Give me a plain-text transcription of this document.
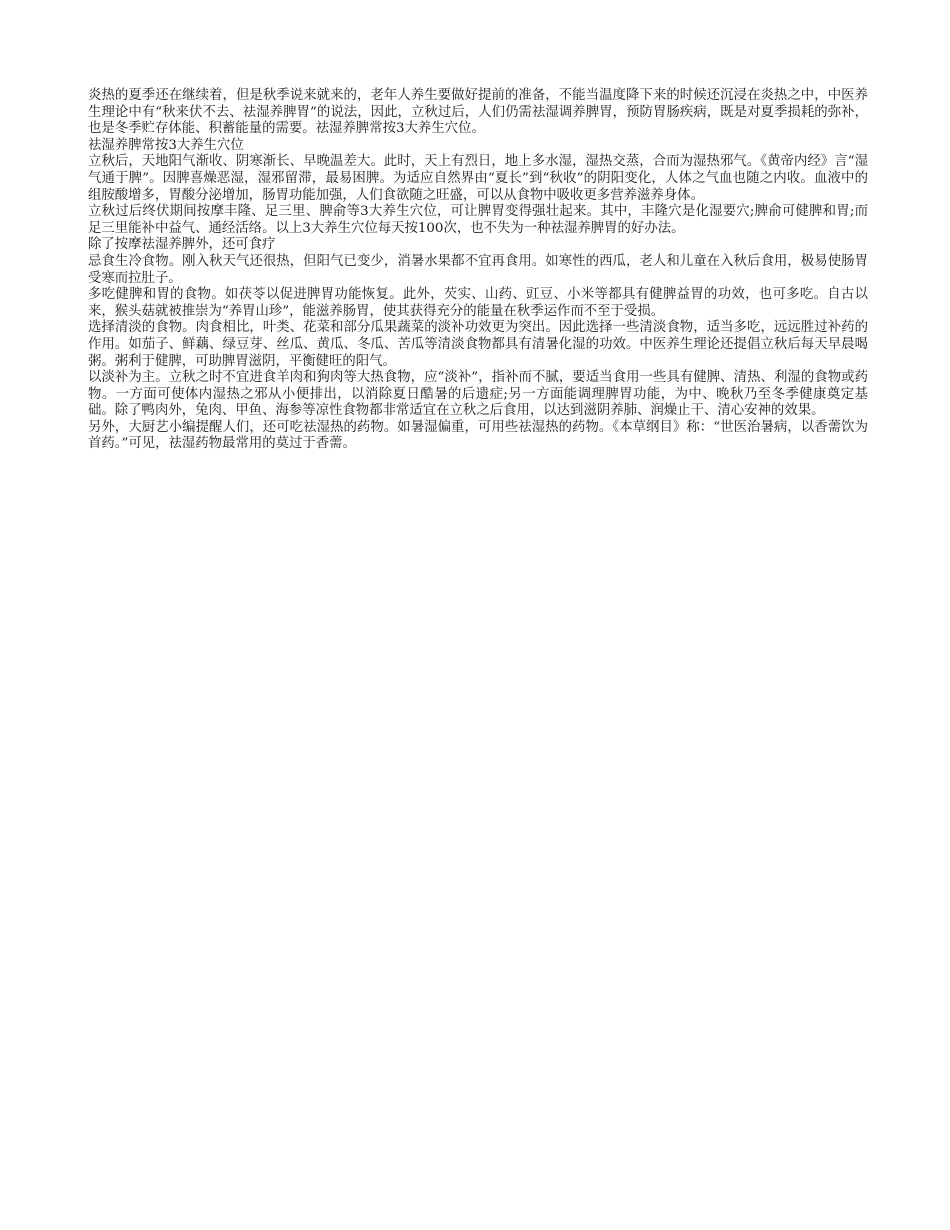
炎热的夏季还在继续着，但是秋季说来就来的，老年人养生要做好提前的准备，不能当温度降下来的时候还沉浸在炎热之中，中医养生理论中有“秋来伏不去、祛湿养脾胃”的说法，因此，立秋过后，人们仍需祛湿调养脾胃，预防胃肠疾病，既是对夏季损耗的弥补，也是冬季贮存体能、积蓄能量的需要。祛湿养脾常按3大养生穴位。

祛湿养脾常按3大养生穴位

立秋后，天地阳气渐收、阴寒渐长、早晚温差大。此时，天上有烈日，地上多水湿，湿热交蒸，合而为湿热邪气。《黄帝内经》言“湿气通于脾”。因脾喜燥恶湿，湿邪留滞，最易困脾。为适应自然界由“夏长”到“秋收”的阴阳变化，人体之气血也随之内收。血液中的组胺酸增多，胃酸分泌增加，肠胃功能加强，人们食欲随之旺盛，可以从食物中吸收更多营养滋养身体。

立秋过后终伏期间按摩丰隆、足三里、脾俞等3大养生穴位，可让脾胃变得强壮起来。其中，丰隆穴是化湿要穴;脾俞可健脾和胃;而足三里能补中益气、通经活络。以上3大养生穴位每天按100次，也不失为一种祛湿养脾胃的好办法。

除了按摩祛湿养脾外，还可食疗

忌食生冷食物。刚入秋天气还很热，但阳气已变少，消暑水果都不宜再食用。如寒性的西瓜，老人和儿童在入秋后食用，极易使肠胃受寒而拉肚子。

多吃健脾和胃的食物。如茯苓以促进脾胃功能恢复。此外，芡实、山药、豇豆、小米等都具有健脾益胃的功效，也可多吃。自古以来，猴头菇就被推崇为“养胃山珍”，能滋养肠胃，使其获得充分的能量在秋季运作而不至于受损。

选择清淡的食物。肉食相比，叶类、花菜和部分瓜果蔬菜的淡补功效更为突出。因此选择一些清淡食物，适当多吃，远远胜过补药的作用。如茄子、鲜藕、绿豆芽、丝瓜、黄瓜、冬瓜、苦瓜等清淡食物都具有清暑化湿的功效。中医养生理论还提倡立秋后每天早晨喝粥。粥利于健脾，可助脾胃滋阴，平衡健旺的阳气。

以淡补为主。立秋之时不宜进食羊肉和狗肉等大热食物，应“淡补”，指补而不腻，要适当食用一些具有健脾、清热、利湿的食物或药物。一方面可使体内湿热之邪从小便排出，以消除夏日酷暑的后遗症;另一方面能调理脾胃功能，为中、晚秋乃至冬季健康奠定基础。除了鸭肉外，兔肉、甲鱼、海参等凉性食物都非常适宜在立秋之后食用，以达到滋阴养肺、润燥止干、清心安神的效果。

另外，大厨艺小编提醒人们，还可吃祛湿热的药物。如暑湿偏重，可用些祛湿热的药物。《本草纲目》称：“世医治暑病，以香薷饮为首药。”可见，祛湿药物最常用的莫过于香薷。
